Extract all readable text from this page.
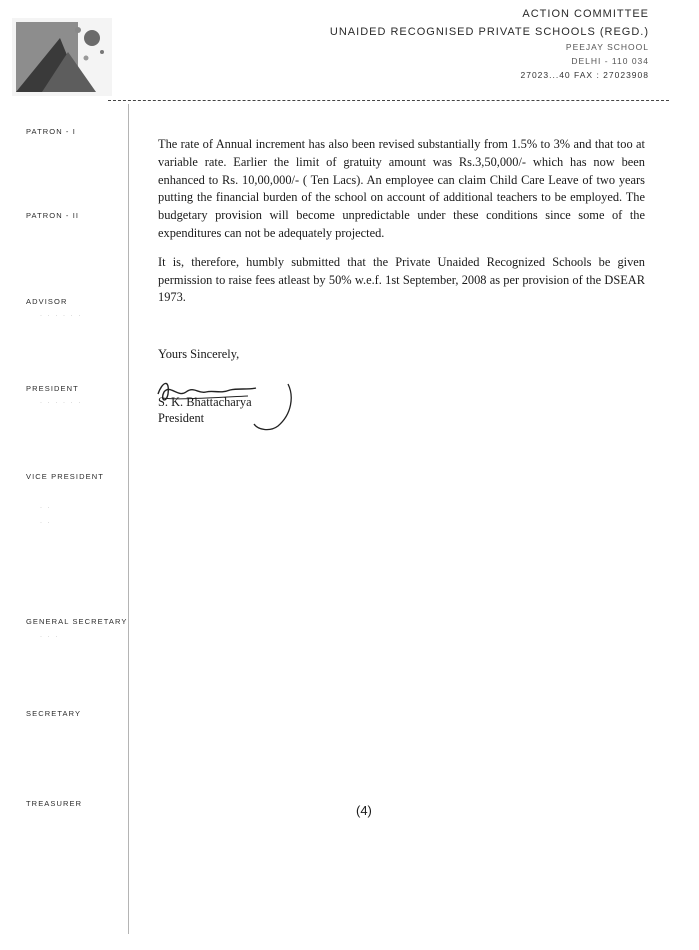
ACTION COMMITTEE
UNAIDED RECOGNISED PRIVATE SCHOOLS (REGD.)
PEEJAY SCHOOL
DELHI - 110 034
27023...40 FAX : 27023908
PATRON - I
PATRON - II
ADVISOR
· · · · · ·
PRESIDENT
· · · · · ·
VICE PRESIDENT
· ·
· ·
GENERAL SECRETARY
· · ·
SECRETARY
TREASURER

The rate of Annual increment has also been revised substantially from 1.5% to 3% and that too at variable rate. Earlier the limit of gratuity amount was Rs.3,50,000/- which has now been enhanced to Rs. 10,00,000/- ( Ten Lacs). An employee can claim Child Care Leave of two years putting the financial burden of the school on account of additional teachers to be employed. The budgetary provision will become unpredictable under these conditions since some of the expenditures can not be adequately projected.

It is, therefore, humbly submitted that the Private Unaided Recognized Schools be given permission to raise fees atleast by 50% w.e.f. 1st September, 2008 as per provision of the DSEAR 1973.

Yours Sincerely,
S. K. Bhattacharya
President
(4)
